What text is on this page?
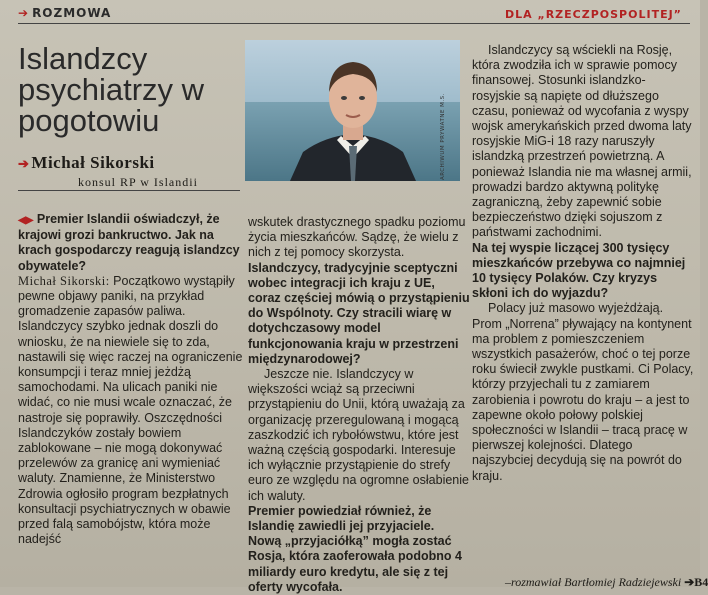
➔ ROZMOWA	DLA „RZECZPOSPOLITEJ”
Islandzcy psychiatrzy w pogotowiu
➔ Michał Sikorski
konsul RP w Islandii
ARCHIWUM PRYWATNE M.S.

◀▶ Premier Islandii oświadczył, że krajowi grozi bankructwo. Jak na krach gospodarczy reagują islandzcy obywatele?

Michał Sikorski: Początkowo wystąpiły pewne objawy paniki, na przykład gromadzenie zapasów paliwa. Islandczycy szybko jednak doszli do wniosku, że na niewiele się to zda, nastawili się więc raczej na ograniczenie konsumpcji i teraz mniej jeżdżą samochodami. Na ulicach paniki nie widać, co nie musi wcale oznaczać, że nastroje się poprawiły. Oszczędności Islandczyków zostały bowiem zablokowane – nie mogą dokonywać przelewów za granicę ani wymieniać waluty. Znamienne, że Ministerstwo Zdrowia ogłosiło program bezpłatnych konsultacji psychiatrycznych w obawie przed falą samobójstw, która może nadejść

wskutek drastycznego spadku poziomu życia mieszkańców. Sądzę, że wielu z nich z tej pomocy skorzysta.

Islandczycy, tradycyjnie sceptyczni wobec integracji ich kraju z UE, coraz częściej mówią o przystąpieniu do Wspólnoty. Czy stracili wiarę w dotychczasowy model funkcjonowania kraju w przestrzeni międzynarodowej?

Jeszcze nie. Islandczycy w większości wciąż są przeciwni przystąpieniu do Unii, którą uważają za organizację przeregulowaną i mogącą zaszkodzić ich rybołówstwu, które jest ważną częścią gospodarki. Interesuje ich wyłącznie przystąpienie do strefy euro ze względu na ogromne osłabienie ich waluty.

Premier powiedział również, że Islandię zawiedli jej przyjaciele. Nową „przyjaciółką” mogła zostać Rosja, która zaoferowała podobno 4 miliardy euro kredytu, ale się z tej oferty wycofała.

Islandczycy są wściekli na Rosję, która zwodziła ich w sprawie pomocy finansowej. Stosunki islandzko-rosyjskie są napięte od dłuższego czasu, ponieważ od wycofania z wyspy wojsk amerykańskich przed dwoma laty rosyjskie MiG-i 18 razy naruszyły islandzką przestrzeń powietrzną. A ponieważ Islandia nie ma własnej armii, prowadzi bardzo aktywną politykę zagraniczną, żeby zapewnić sobie bezpieczeństwo dzięki sojuszom z państwami zachodnimi.

Na tej wyspie liczącej 300 tysięcy mieszkańców przebywa co najmniej 10 tysięcy Polaków. Czy kryzys skłoni ich do wyjazdu?

Polacy już masowo wyjeżdżają. Prom „Norrena” pływający na kontynent ma problem z pomieszczeniem wszystkich pasażerów, choć o tej porze roku świecił zwykle pustkami. Ci Polacy, którzy przyjechali tu z zamiarem zarobienia i powrotu do kraju – a jest to zapewne około połowy polskiej społeczności w Islandii – tracą pracę w pierwszej kolejności. Dlatego najszybciej decydują się na powrót do kraju.

–rozmawiał Bartłomiej Radziejewski ➔B4
